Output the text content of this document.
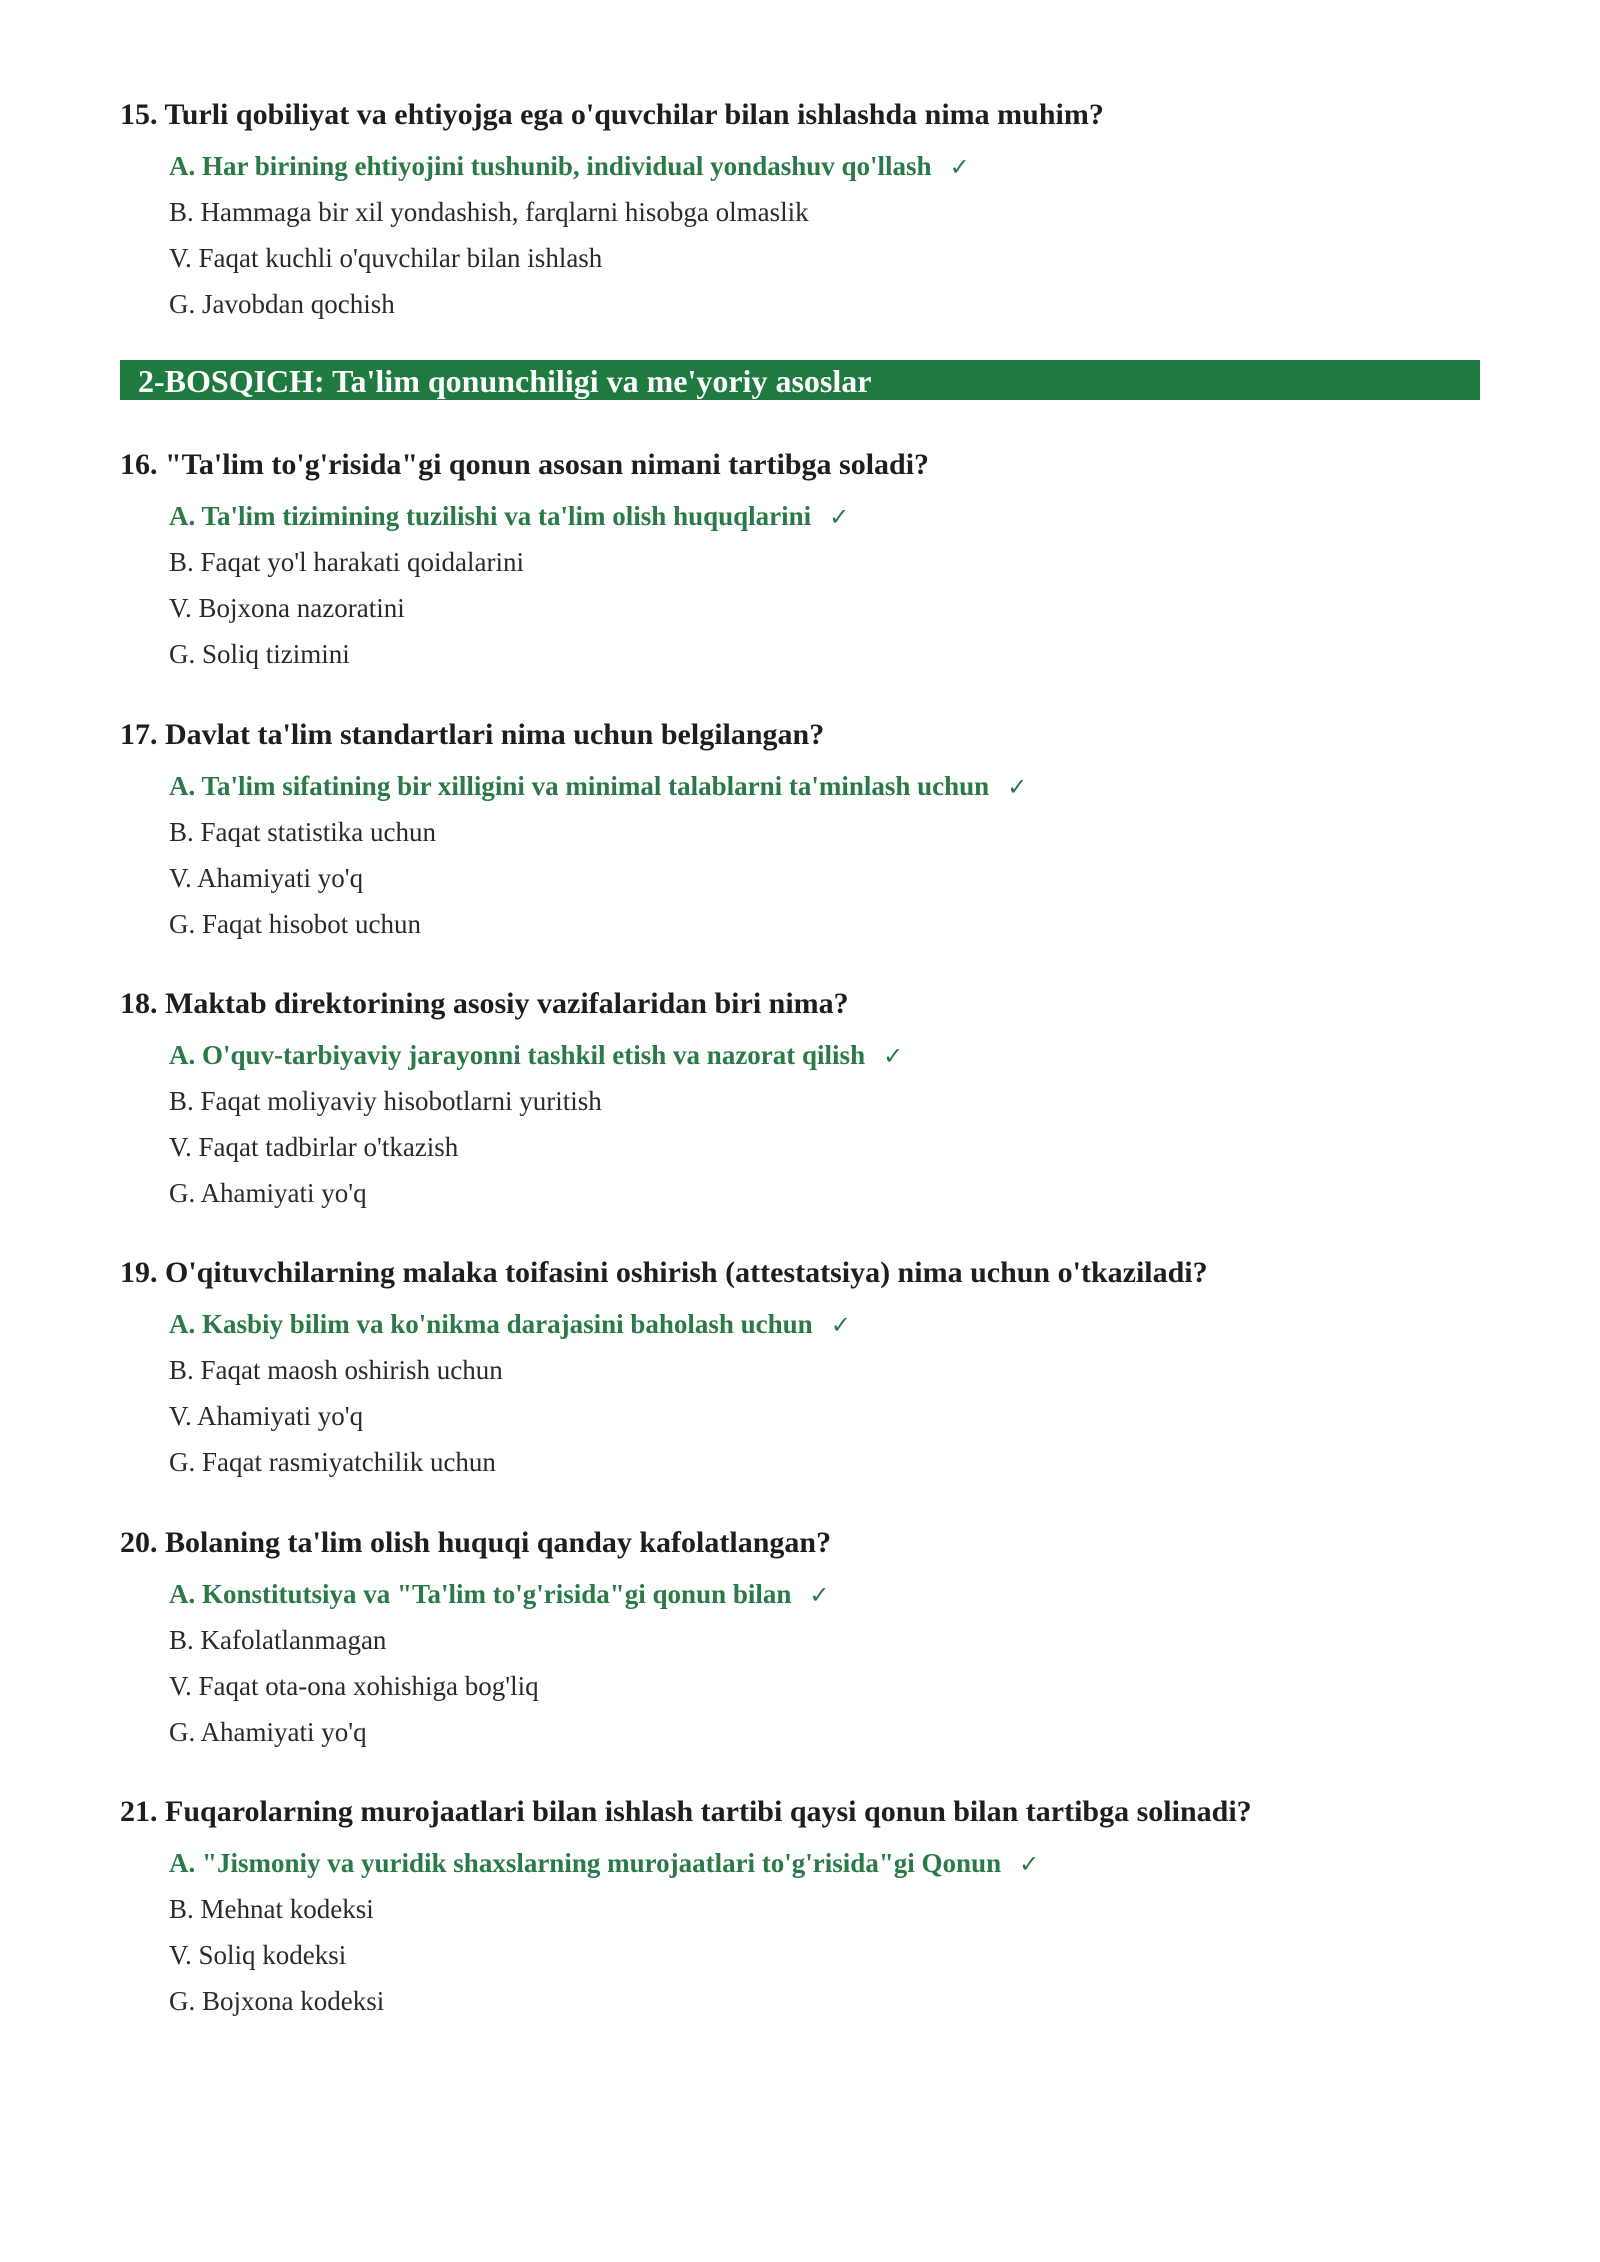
15. Turli qobiliyat va ehtiyojga ega o'quvchilar bilan ishlashda nima muhim?

A. Har birining ehtiyojini tushunib, individual yondashuv qo'llash ✓
B. Hammaga bir xil yondashish, farqlarni hisobga olmaslik
V. Faqat kuchli o'quvchilar bilan ishlash
G. Javobdan qochish
2-BOSQICH: Ta'lim qonunchiligi va me'yoriy asoslar

16. "Ta'lim to'g'risida"gi qonun asosan nimani tartibga soladi?

A. Ta'lim tizimining tuzilishi va ta'lim olish huquqlarini ✓
B. Faqat yo'l harakati qoidalarini
V. Bojxona nazoratini
G. Soliq tizimini

17. Davlat ta'lim standartlari nima uchun belgilangan?

A. Ta'lim sifatining bir xilligini va minimal talablarni ta'minlash uchun ✓
B. Faqat statistika uchun
V. Ahamiyati yo'q
G. Faqat hisobot uchun

18. Maktab direktorining asosiy vazifalaridan biri nima?

A. O'quv-tarbiyaviy jarayonni tashkil etish va nazorat qilish ✓
B. Faqat moliyaviy hisobotlarni yuritish
V. Faqat tadbirlar o'tkazish
G. Ahamiyati yo'q

19. O'qituvchilarning malaka toifasini oshirish (attestatsiya) nima uchun o'tkaziladi?

A. Kasbiy bilim va ko'nikma darajasini baholash uchun ✓
B. Faqat maosh oshirish uchun
V. Ahamiyati yo'q
G. Faqat rasmiyatchilik uchun

20. Bolaning ta'lim olish huquqi qanday kafolatlangan?

A. Konstitutsiya va "Ta'lim to'g'risida"gi qonun bilan ✓
B. Kafolatlanmagan
V. Faqat ota-ona xohishiga bog'liq
G. Ahamiyati yo'q

21. Fuqarolarning murojaatlari bilan ishlash tartibi qaysi qonun bilan tartibga solinadi?

A. "Jismoniy va yuridik shaxslarning murojaatlari to'g'risida"gi Qonun ✓
B. Mehnat kodeksi
V. Soliq kodeksi
G. Bojxona kodeksi
